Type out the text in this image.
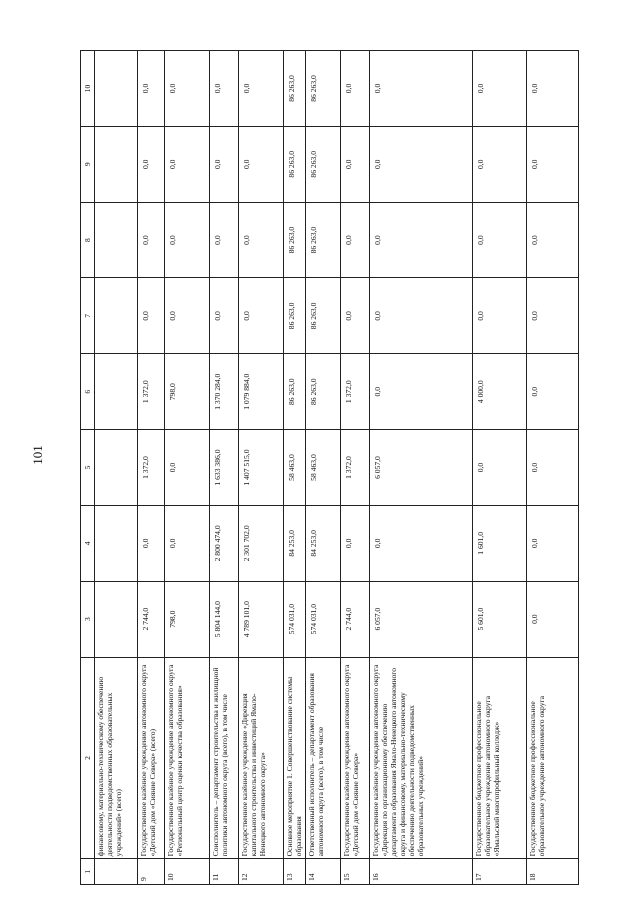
101
1	2	3	4	5	6	7	8	9	10
	финансовому, материально-техническому обеспечению деятельности подведомственных образовательных учреждений» (всего)								
9	Государственное казённое учреждение автономного округа «Детский дом «Сияние Севера» (всего)	2 744,0	0,0	1 372,0	1 372,0	0,0	0,0	0,0	0,0
10	Государственное казённое учреждение автономного округа «Региональный центр оценки качества образования»	798,0	0,0	0,0	798,0	0,0	0,0	0,0	0,0
11	Соисполнитель – департамент строительства и жилищной политики автономного округа (всего), в том числе	5 804 144,0	2 800 474,0	1 633 386,0	1 370 284,0	0,0	0,0	0,0	0,0
12	Государственное казённое учреждение «Дирекция капитального строительства и инвестиций Ямало-Ненецкого автономного округа»	4 789 101,0	2 301 702,0	1 407 515,0	1 079 884,0	0,0	0,0	0,0	0,0
13	Основное мероприятие 1. Совершенствование системы образования	574 031,0	84 253,0	58 463,0	86 263,0	86 263,0	86 263,0	86 263,0	86 263,0
14	Ответственный исполнитель – департамент образования автономного округа (всего), в том числе	574 031,0	84 253,0	58 463,0	86 263,0	86 263,0	86 263,0	86 263,0	86 263,0
15	Государственное казённое учреждение автономного округа «Детский дом «Сияние Севера»	2 744,0	0,0	1 372,0	1 372,0	0,0	0,0	0,0	0,0
16	Государственное казённое учреждение автономного округа «Дирекция по организационному обеспечению департамента образования Ямало-Ненецкого автономного округа и финансовому, материально-техническому обеспечению деятельности подведомственных образовательных учреждений»	6 057,0	0,0	6 057,0	0,0	0,0	0,0	0,0	0,0
17	Государственное бюджетное профессиональное образовательное учреждение автономного округа «Ямальский многопрофильный колледж»	5 601,0	1 601,0	0,0	4 000,0	0,0	0,0	0,0	0,0
18	Государственное бюджетное профессиональное образовательное учреждение автономного округа	0,0	0,0	0,0	0,0	0,0	0,0	0,0	0,0
